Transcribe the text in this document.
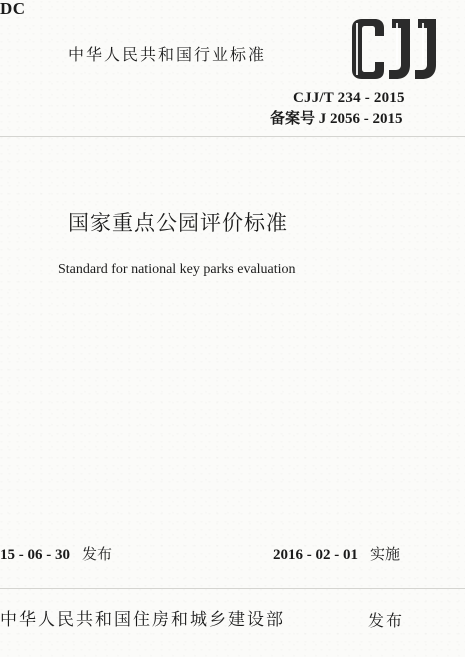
DC
中华人民共和国行业标准
CJJ
CJJ/T 234 - 2015
备案号 J 2056 - 2015
国家重点公园评价标准
Standard for national key parks evaluation
15 - 06 - 30 发布	2016 - 02 - 01 实施
中华人民共和国住房和城乡建设部	发布
